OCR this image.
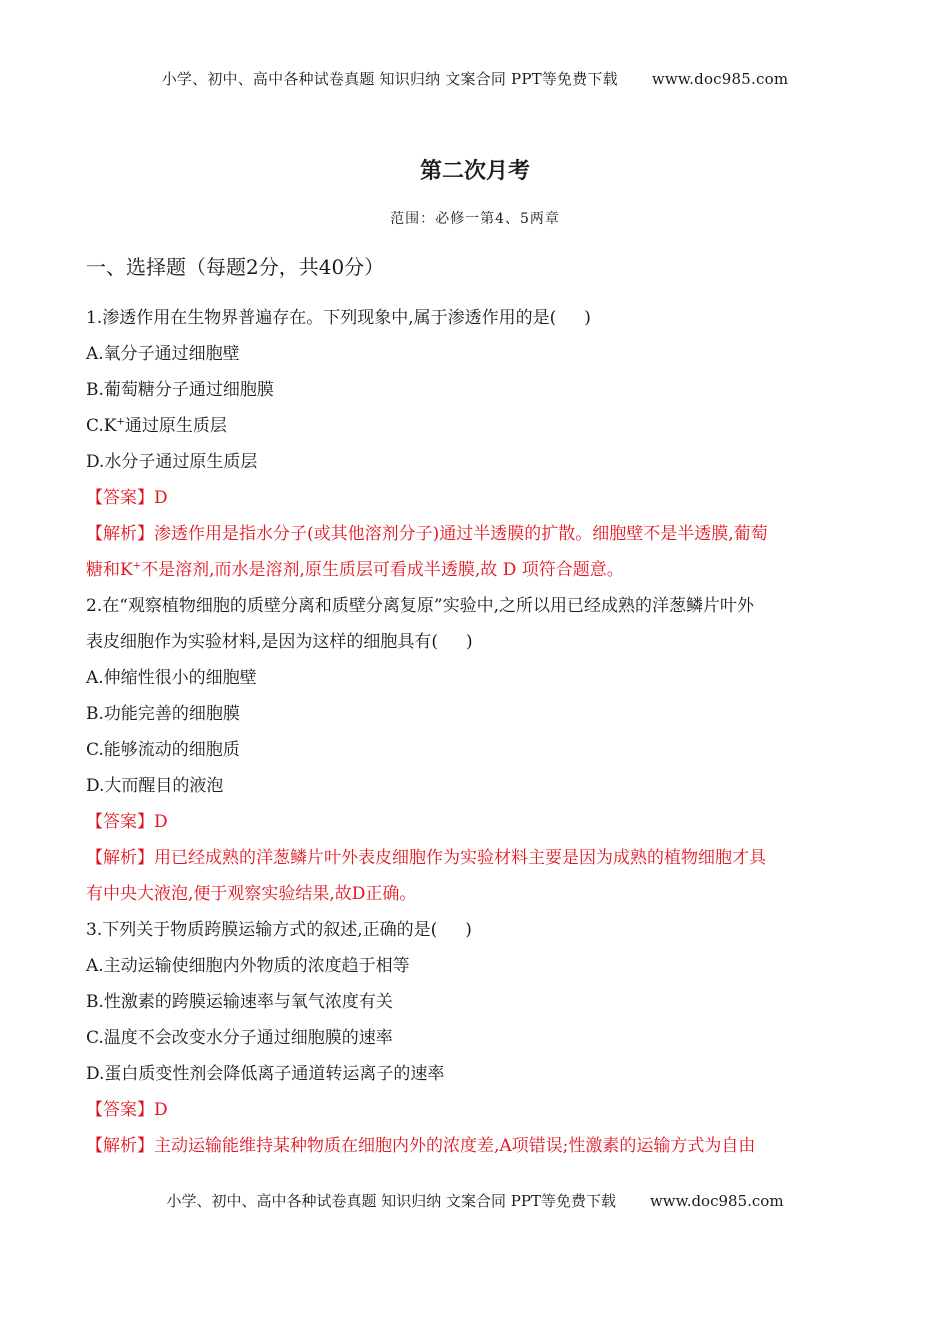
小学、初中、高中各种试卷真题 知识归纳 文案合同 PPT等免费下载 www.doc985.com
第二次月考
范围：必修一第4、5两章
一、选择题（每题2分，共40分）
1.渗透作用在生物界普遍存在。下列现象中,属于渗透作用的是( )
A.氧分子通过细胞壁
B.葡萄糖分子通过细胞膜
C.K+通过原生质层
D.水分子通过原生质层
【答案】D
【解析】渗透作用是指水分子(或其他溶剂分子)通过半透膜的扩散。细胞壁不是半透膜,葡萄
糖和K+不是溶剂,而水是溶剂,原生质层可看成半透膜,故 D 项符合题意。
2.在“观察植物细胞的质壁分离和质壁分离复原”实验中,之所以用已经成熟的洋葱鳞片叶外
表皮细胞作为实验材料,是因为这样的细胞具有( )
A.伸缩性很小的细胞壁
B.功能完善的细胞膜
C.能够流动的细胞质
D.大而醒目的液泡
【答案】D
【解析】用已经成熟的洋葱鳞片叶外表皮细胞作为实验材料主要是因为成熟的植物细胞才具
有中央大液泡,便于观察实验结果,故D正确。
3.下列关于物质跨膜运输方式的叙述,正确的是( )
A.主动运输使细胞内外物质的浓度趋于相等
B.性激素的跨膜运输速率与氧气浓度有关
C.温度不会改变水分子通过细胞膜的速率
D.蛋白质变性剂会降低离子通道转运离子的速率
【答案】D
【解析】主动运输能维持某种物质在细胞内外的浓度差,A项错误;性激素的运输方式为自由
小学、初中、高中各种试卷真题 知识归纳 文案合同 PPT等免费下载 www.doc985.com
